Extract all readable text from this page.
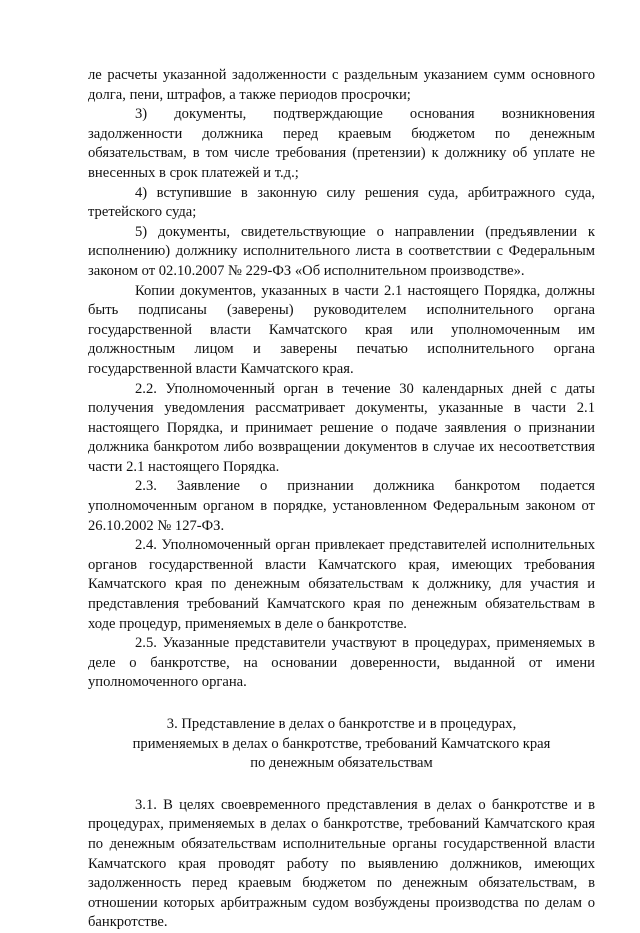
ле расчеты указанной задолженности с раздельным указанием сумм основного долга, пени, штрафов, а также периодов просрочки;

3) документы, подтверждающие основания возникновения задолженности должника перед краевым бюджетом по денежным обязательствам, в том числе требования (претензии) к должнику об уплате не внесенных в срок платежей и т.д.;

4) вступившие в законную силу решения суда, арбитражного суда, третейского суда;

5) документы, свидетельствующие о направлении (предъявлении к исполнению) должнику исполнительного листа в соответствии с Федеральным законом от 02.10.2007 № 229-ФЗ «Об исполнительном производстве».

Копии документов, указанных в части 2.1 настоящего Порядка, должны быть подписаны (заверены) руководителем исполнительного органа государственной власти Камчатского края или уполномоченным им должностным лицом и заверены печатью исполнительного органа государственной власти Камчатского края.

2.2. Уполномоченный орган в течение 30 календарных дней с даты получения уведомления рассматривает документы, указанные в части 2.1 настоящего Порядка, и принимает решение о подаче заявления о признании должника банкротом либо возвращении документов в случае их несоответствия части 2.1 настоящего Порядка.

2.3. Заявление о признании должника банкротом подается уполномоченным органом в порядке, установленном Федеральным законом от 26.10.2002 № 127-ФЗ.

2.4. Уполномоченный орган привлекает представителей исполнительных органов государственной власти Камчатского края, имеющих требования Камчатского края по денежным обязательствам к должнику, для участия и представления требований Камчатского края по денежным обязательствам в ходе процедур, применяемых в деле о банкротстве.

2.5. Указанные представители участвуют в процедурах, применяемых в деле о банкротстве, на основании доверенности, выданной от имени уполномоченного органа.

3. Представление в делах о банкротстве и в процедурах,
применяемых в делах о банкротстве, требований Камчатского края
по денежным обязательствам

3.1. В целях своевременного представления в делах о банкротстве и в процедурах, применяемых в делах о банкротстве, требований Камчатского края по денежным обязательствам исполнительные органы государственной власти Камчатского края проводят работу по выявлению должников, имеющих задолженность перед краевым бюджетом по денежным обязательствам, в отношении которых арбитражным судом возбуждены производства по делам о банкротстве.
